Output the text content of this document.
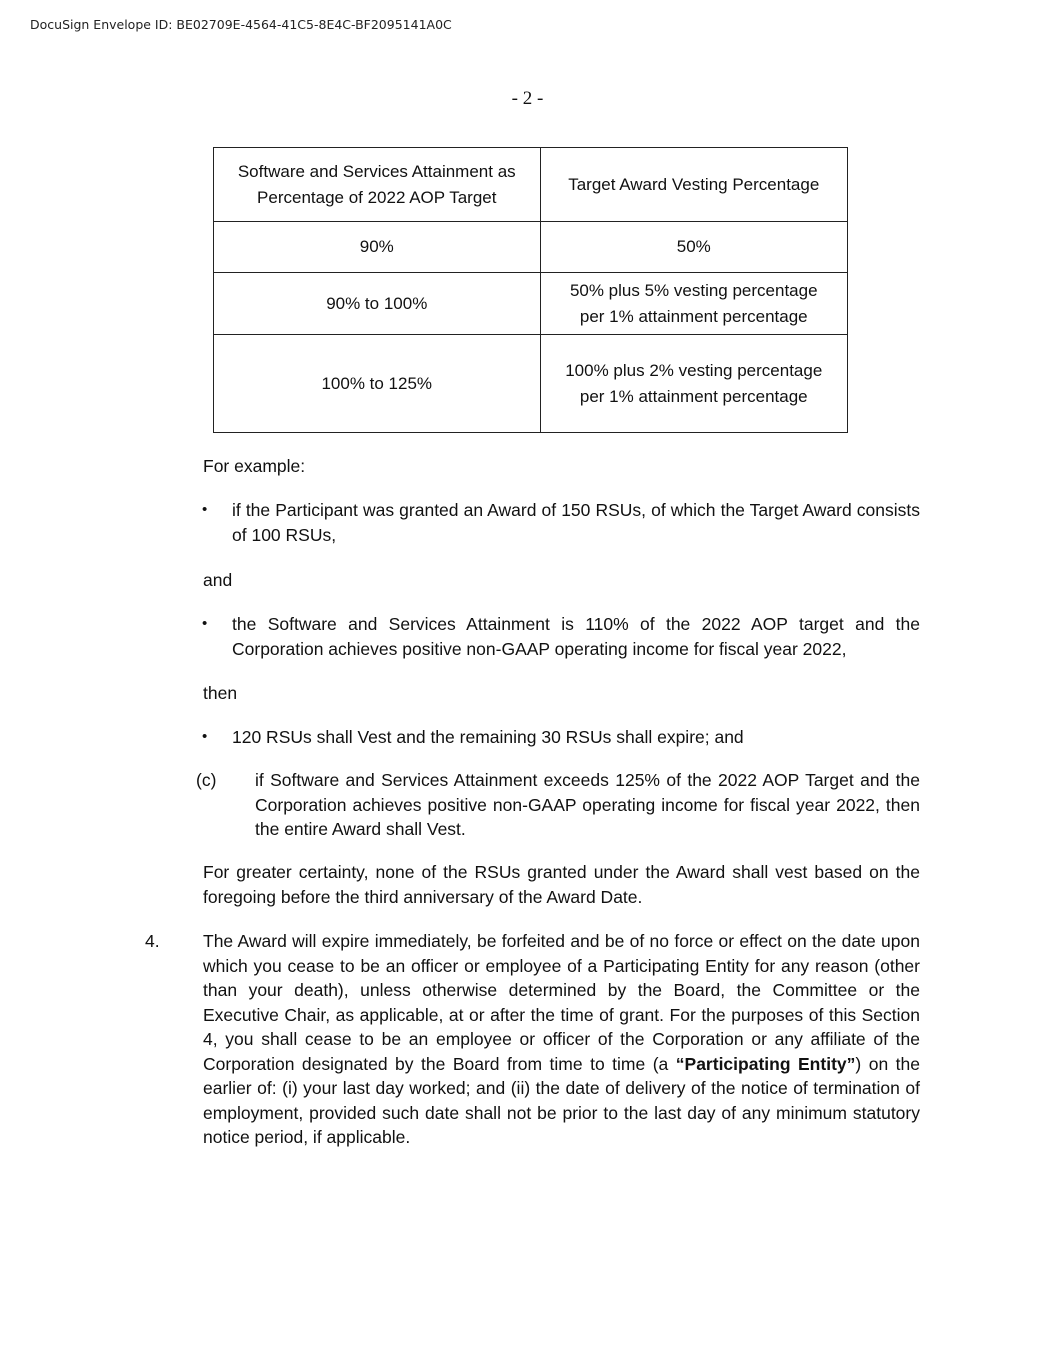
DocuSign Envelope ID: BE02709E-4564-41C5-8E4C-BF2095141A0C
- 2 -
Software and Services Attainment as Percentage of 2022 AOP Target	Target Award Vesting Percentage
90%	50%
90% to 100%	50% plus 5% vesting percentage per 1% attainment percentage

100% to 125%	100% plus 2% vesting percentage per 1% attainment percentage
For example:
• if the Participant was granted an Award of 150 RSUs, of which the Target Award consists of 100 RSUs,
and
• the Software and Services Attainment is 110% of the 2022 AOP target and the Corporation achieves positive non-GAAP operating income for fiscal year 2022,
then
• 120 RSUs shall Vest and the remaining 30 RSUs shall expire; and
(c) if Software and Services Attainment exceeds 125% of the 2022 AOP Target and the Corporation achieves positive non-GAAP operating income for fiscal year 2022, then the entire Award shall Vest.
For greater certainty, none of the RSUs granted under the Award shall vest based on the foregoing before the third anniversary of the Award Date.
4. The Award will expire immediately, be forfeited and be of no force or effect on the date upon which you cease to be an officer or employee of a Participating Entity for any reason (other than your death), unless otherwise determined by the Board, the Committee or the Executive Chair, as applicable, at or after the time of grant. For the purposes of this Section 4, you shall cease to be an employee or officer of the Corporation or any affiliate of the Corporation designated by the Board from time to time (a “Participating Entity”) on the earlier of: (i) your last day worked; and (ii) the date of delivery of the notice of termination of employment, provided such date shall not be prior to the last day of any minimum statutory notice period, if applicable.
